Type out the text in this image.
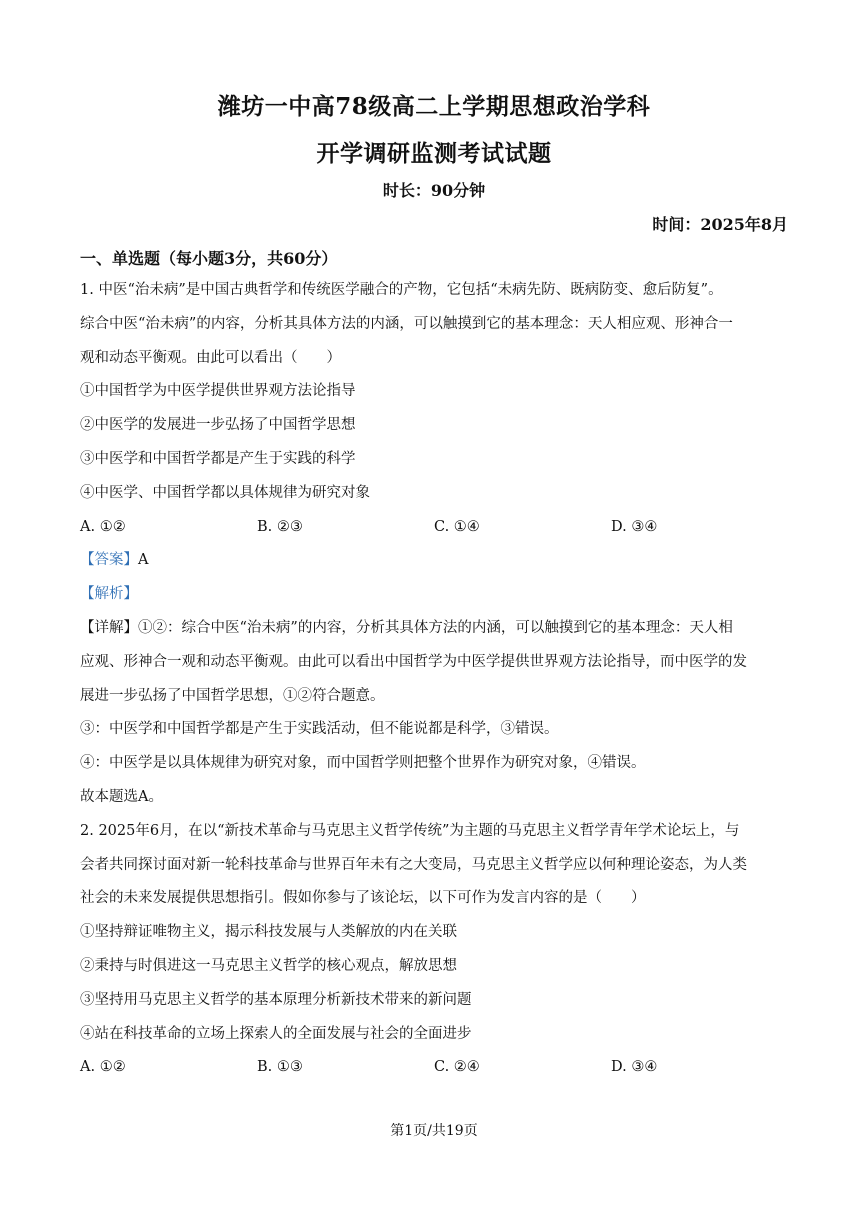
潍坊一中高78级高二上学期思想政治学科
开学调研监测考试试题
时长：90分钟
时间：2025年8月
一、单选题（每小题3分，共60分）
1. 中医“治未病”是中国古典哲学和传统医学融合的产物，它包括“未病先防、既病防变、愈后防复”。
综合中医“治未病”的内容，分析其具体方法的内涵，可以触摸到它的基本理念：天人相应观、形神合一
观和动态平衡观。由此可以看出（　　）
①中国哲学为中医学提供世界观方法论指导
②中医学的发展进一步弘扬了中国哲学思想
③中医学和中国哲学都是产生于实践的科学
④中医学、中国哲学都以具体规律为研究对象
A. ①②	B. ②③	C. ①④	D. ③④
【答案】A
【解析】
【详解】①②：综合中医“治未病”的内容，分析其具体方法的内涵，可以触摸到它的基本理念：天人相
应观、形神合一观和动态平衡观。由此可以看出中国哲学为中医学提供世界观方法论指导，而中医学的发
展进一步弘扬了中国哲学思想，①②符合题意。
③：中医学和中国哲学都是产生于实践活动，但不能说都是科学，③错误。
④：中医学是以具体规律为研究对象，而中国哲学则把整个世界作为研究对象，④错误。
故本题选A。
2. 2025年6月，在以“新技术革命与马克思主义哲学传统”为主题的马克思主义哲学青年学术论坛上，与
会者共同探讨面对新一轮科技革命与世界百年未有之大变局，马克思主义哲学应以何种理论姿态，为人类
社会的未来发展提供思想指引。假如你参与了该论坛，以下可作为发言内容的是（　　）
①坚持辩证唯物主义，揭示科技发展与人类解放的内在关联
②秉持与时俱进这一马克思主义哲学的核心观点，解放思想
③坚持用马克思主义哲学的基本原理分析新技术带来的新问题
④站在科技革命的立场上探索人的全面发展与社会的全面进步
A. ①②	B. ①③	C. ②④	D. ③④
第1页/共19页
